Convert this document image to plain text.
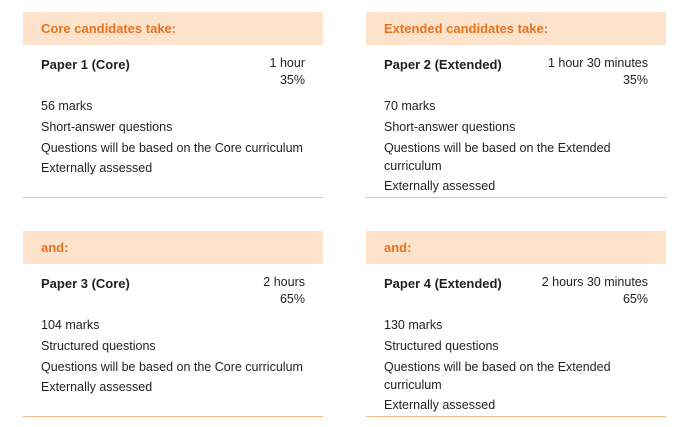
Core candidates take:
Paper 1 (Core)	1 hour
35%
56 marks
Short-answer questions
Questions will be based on the Core curriculum
Externally assessed
Extended candidates take:
Paper 2 (Extended)	1 hour 30 minutes
35%
70 marks
Short-answer questions
Questions will be based on the Extended curriculum
Externally assessed
and:
Paper 3 (Core)	2 hours
65%
104 marks
Structured questions
Questions will be based on the Core curriculum
Externally assessed
and:
Paper 4 (Extended)	2 hours 30 minutes
65%
130 marks
Structured questions
Questions will be based on the Extended curriculum
Externally assessed
